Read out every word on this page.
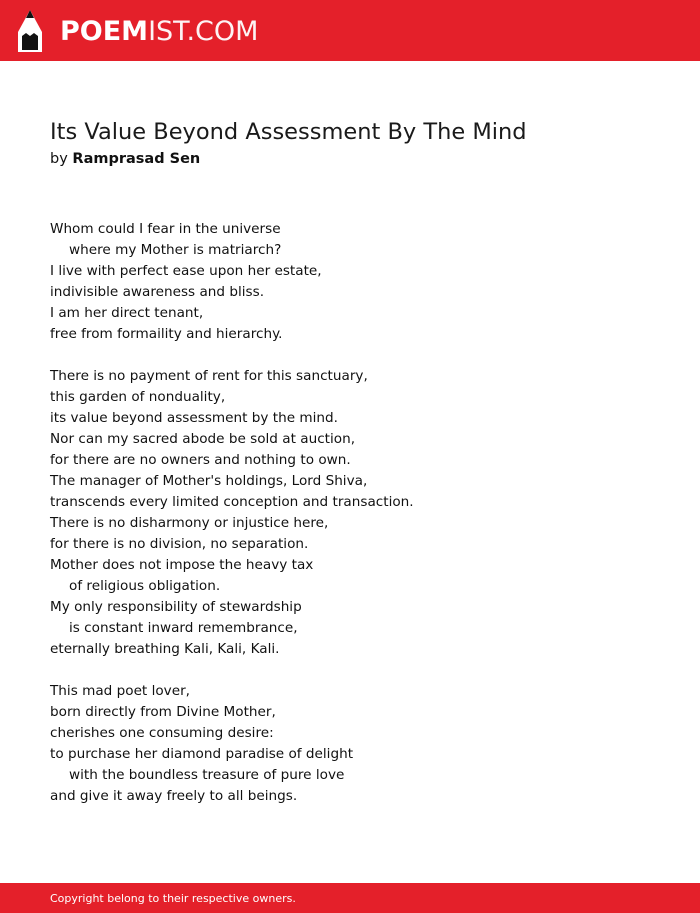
POEM IST.COM
Its Value Beyond Assessment By The Mind
by Ramprasad Sen
Whom could I fear in the universe
where my Mother is matriarch?
I live with perfect ease upon her estate,
indivisible awareness and bliss.
I am her direct tenant,
free from formaility and hierarchy.
There is no payment of rent for this sanctuary,
this garden of nonduality,
its value beyond assessment by the mind.
Nor can my sacred abode be sold at auction,
for there are no owners and nothing to own.
The manager of Mother's holdings, Lord Shiva,
transcends every limited conception and transaction.
There is no disharmony or injustice here,
for there is no division, no separation.
Mother does not impose the heavy tax
of religious obligation.
My only responsibility of stewardship
is constant inward remembrance,
eternally breathing Kali, Kali, Kali.
This mad poet lover,
born directly from Divine Mother,
cherishes one consuming desire:
to purchase her diamond paradise of delight
with the boundless treasure of pure love
and give it away freely to all beings.
Copyright belong to their respective owners.
